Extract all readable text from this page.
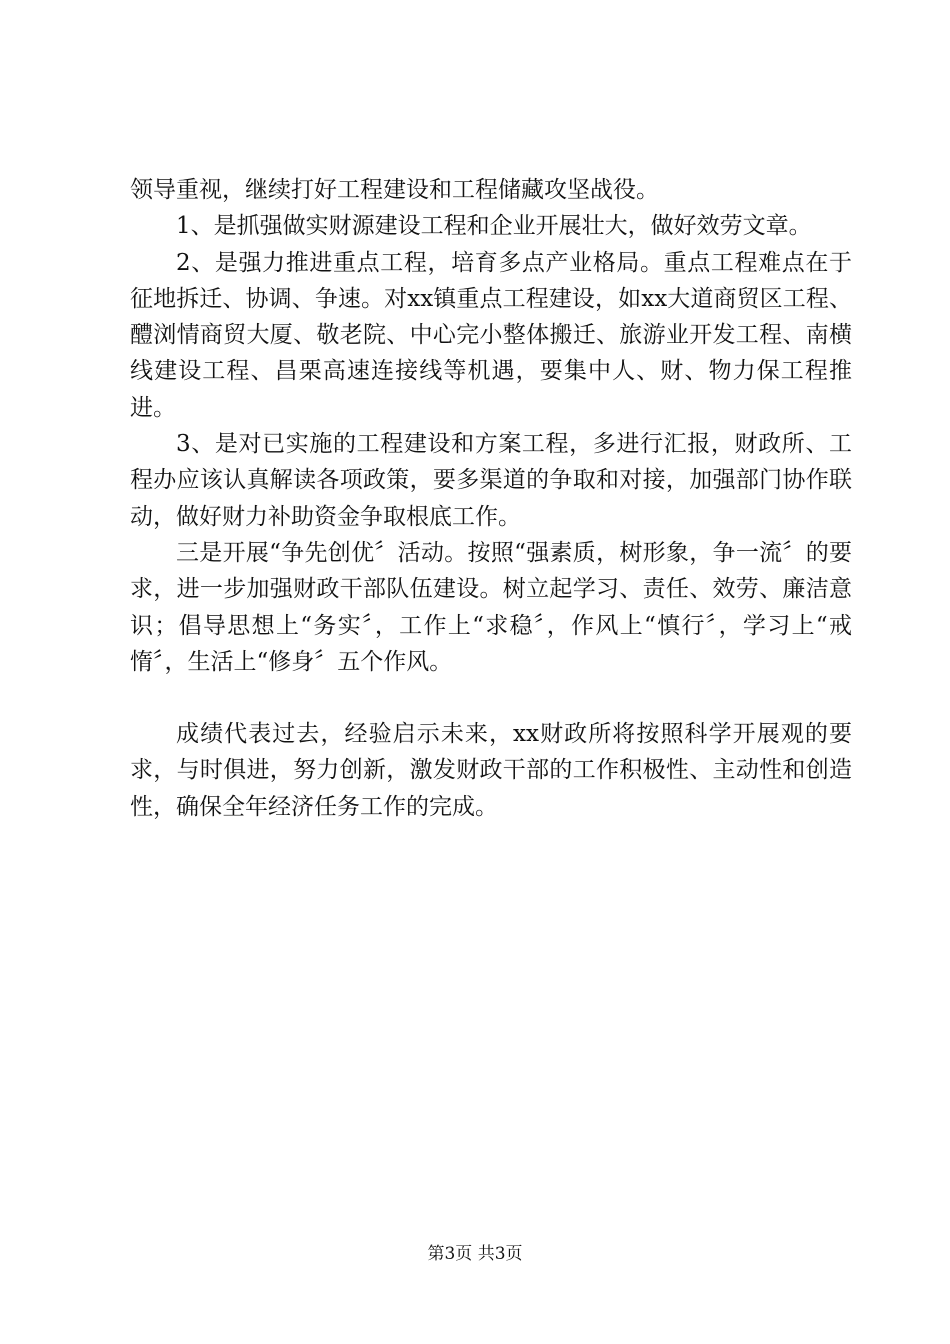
领导重视，继续打好工程建设和工程储藏攻坚战役。

1、是抓强做实财源建设工程和企业开展壮大，做好效劳文章。

2、是强力推进重点工程，培育多点产业格局。重点工程难点在于征地拆迁、协调、争速。对xx镇重点工程建设，如xx大道商贸区工程、醴浏情商贸大厦、敬老院、中心完小整体搬迁、旅游业开发工程、南横线建设工程、昌栗高速连接线等机遇，要集中人、财、物力保工程推进。

3、是对已实施的工程建设和方案工程，多进行汇报，财政所、工程办应该认真解读各项政策，要多渠道的争取和对接，加强部门协作联动，做好财力补助资金争取根底工作。

三是开展“争先创优〞活动。按照“强素质，树形象，争一流〞的要求，进一步加强财政干部队伍建设。树立起学习、责任、效劳、廉洁意识；倡导思想上“务实〞，工作上“求稳〞，作风上“慎行〞，学习上“戒惰〞，生活上“修身〞五个作风。

成绩代表过去，经验启示未来，xx财政所将按照科学开展观的要求，与时俱进，努力创新，激发财政干部的工作积极性、主动性和创造性，确保全年经济任务工作的完成。

第3页 共3页
